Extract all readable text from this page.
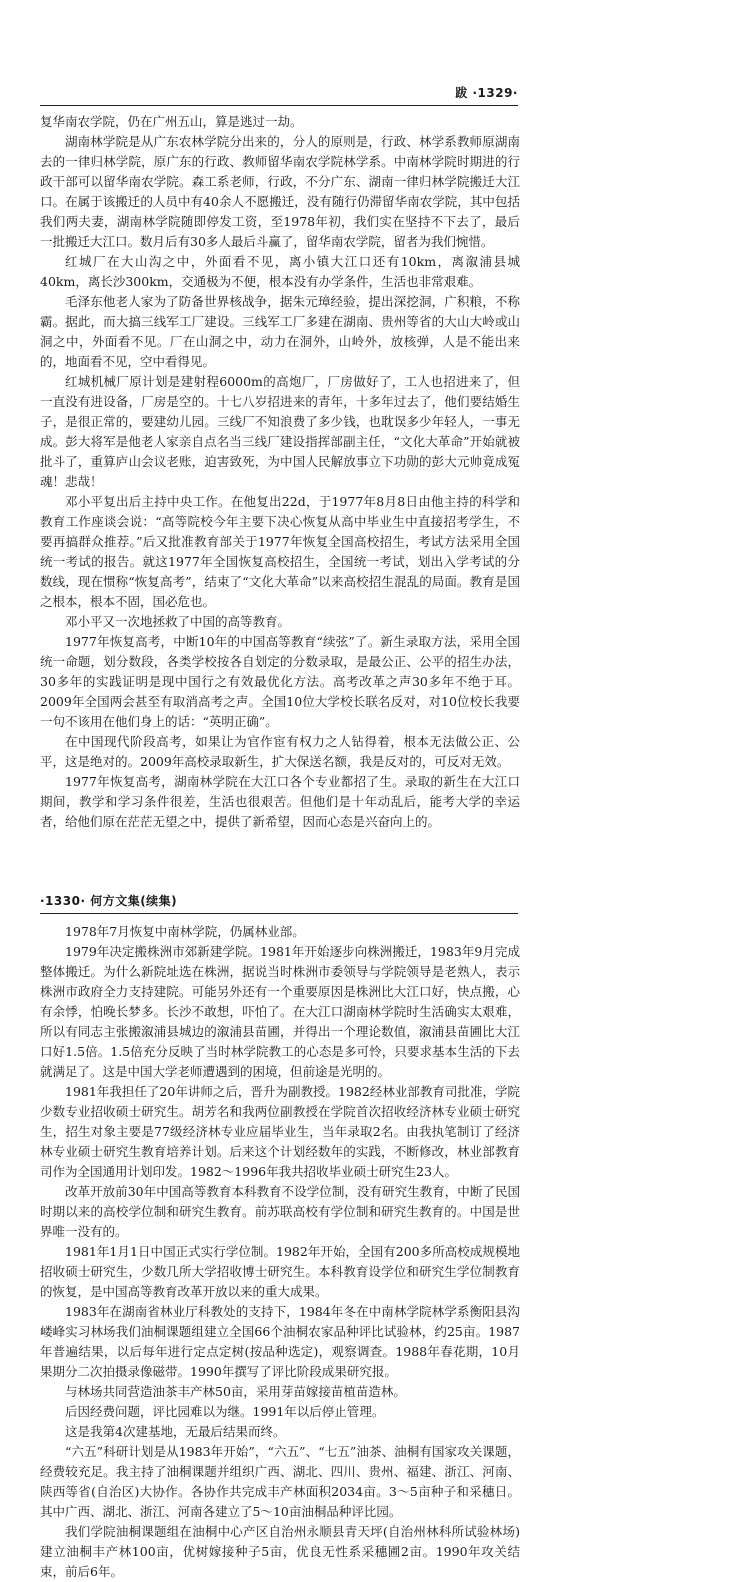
跋 ·1329·

复华南农学院，仍在广州五山，算是逃过一劫。

湖南林学院是从广东农林学院分出来的，分人的原则是，行政、林学系教师原湖南去的一律归林学院，原广东的行政、教师留华南农学院林学系。中南林学院时期进的行政干部可以留华南农学院。森工系老师，行政，不分广东、湖南一律归林学院搬迁大江口。在属于该搬迁的人员中有40余人不愿搬迁，没有随行仍滞留华南农学院，其中包括我们两夫妻，湖南林学院随即停发工资，至1978年初，我们实在坚持不下去了，最后一批搬迁大江口。数月后有30多人最后斗赢了，留华南农学院，留者为我们惋惜。

红城厂在大山沟之中，外面看不见，离小镇大江口还有10km，离溆浦县城40km，离长沙300km，交通极为不便，根本没有办学条件，生活也非常艰难。

毛泽东他老人家为了防备世界核战争，据朱元璋经验，提出深挖洞，广积粮，不称霸。据此，而大搞三线军工厂建设。三线军工厂多建在湖南、贵州等省的大山大岭或山洞之中，外面看不见。厂在山洞之中，动力在洞外，山岭外，放核弹，人是不能出来的，地面看不见，空中看得见。

红城机械厂原计划是建射程6000m的高炮厂，厂房做好了，工人也招进来了，但一直没有进设备，厂房是空的。十七八岁招进来的青年，十多年过去了，他们要结婚生子，是很正常的，要建幼儿园。三线厂不知浪费了多少钱，也耽误多少年轻人，一事无成。彭大将军是他老人家亲自点名当三线厂建设指挥部副主任，“文化大革命”开始就被批斗了，重算庐山会议老账，迫害致死，为中国人民解放事立下功勋的彭大元帅竟成冤魂！悲哉！

邓小平复出后主持中央工作。在他复出22d，于1977年8月8日由他主持的科学和教育工作座谈会说：“高等院校今年主要下决心恢复从高中毕业生中直接招考学生，不要再搞群众推荐。”后又批准教育部关于1977年恢复全国高校招生，考试方法采用全国统一考试的报告。就这1977年全国恢复高校招生，全国统一考试，划出入学考试的分数线，现在惯称“恢复高考”，结束了“文化大革命”以来高校招生混乱的局面。教育是国之根本，根本不固，国必危也。

邓小平又一次地拯救了中国的高等教育。

1977年恢复高考，中断10年的中国高等教育“续弦”了。新生录取方法，采用全国统一命题，划分数段，各类学校按各自划定的分数录取，是最公正、公平的招生办法，30多年的实践证明是现中国行之有效最优化方法。高考改革之声30多年不绝于耳。2009年全国两会甚至有取消高考之声。全国10位大学校长联名反对，对10位校长我要一句不该用在他们身上的话：“英明正确”。

在中国现代阶段高考，如果让为官作宦有权力之人钻得着，根本无法做公正、公平，这是绝对的。2009年高校录取新生，扩大保送名额，我是反对的，可反对无效。

1977年恢复高考，湖南林学院在大江口各个专业都招了生。录取的新生在大江口期间，教学和学习条件很差，生活也很艰苦。但他们是十年动乱后，能考大学的幸运者，给他们原在茫茫无望之中，提供了新希望，因而心态是兴奋向上的。

·1330· 何方文集(续集)

1978年7月恢复中南林学院，仍属林业部。

1979年决定搬株洲市郊新建学院。1981年开始逐步向株洲搬迁，1983年9月完成整体搬迁。为什么新院址选在株洲，据说当时株洲市委领导与学院领导是老熟人，表示株洲市政府全力支持建院。可能另外还有一个重要原因是株洲比大江口好，快点搬，心有余悸，怕晚长梦多。长沙不敢想，吓怕了。在大江口湖南林学院时生活确实太艰难，所以有同志主张搬溆浦县城边的溆浦县苗圃，并得出一个理论数值，溆浦县苗圃比大江口好1.5倍。1.5倍充分反映了当时林学院教工的心态是多可怜，只要求基本生活的下去就满足了。这是中国大学老师遭遇到的困境，但前途是光明的。

1981年我担任了20年讲师之后，晋升为副教授。1982经林业部教育司批准，学院少数专业招收硕士研究生。胡芳名和我两位副教授在学院首次招收经济林专业硕士研究生，招生对象主要是77级经济林专业应届毕业生，当年录取2名。由我执笔制订了经济林专业硕士研究生教育培养计划。后来这个计划经数年的实践，不断修改，林业部教育司作为全国通用计划印发。1982～1996年我共招收毕业硕士研究生23人。

改革开放前30年中国高等教育本科教育不设学位制，没有研究生教育，中断了民国时期以来的高校学位制和研究生教育。前苏联高校有学位制和研究生教育的。中国是世界唯一没有的。

1981年1月1日中国正式实行学位制。1982年开始，全国有200多所高校成规模地招收硕士研究生，少数几所大学招收博士研究生。本科教育设学位和研究生学位制教育的恢复，是中国高等教育改革开放以来的重大成果。

1983年在湖南省林业厅科教处的支持下，1984年冬在中南林学院林学系衡阳县沟嵝峰实习林场我们油桐课题组建立全国66个油桐农家品种评比试验林，约25亩。1987年普遍结果，以后每年进行定点定树(按品种选定)，观察调查。1988年春花期，10月果期分二次拍摄录像磁带。1990年撰写了评比阶段成果研究报。

与林场共同营造油茶丰产林50亩，采用芽苗嫁接苗植苗造林。

后因经费问题，评比园难以为继。1991年以后停止管理。

这是我第4次建基地，无最后结果而终。

“六五”科研计划是从1983年开始”，“六五”、“七五”油茶、油桐有国家攻关课题，经费较充足。我主持了油桐课题并组织广西、湖北、四川、贵州、福建、浙江、河南、陕西等省(自治区)大协作。各协作共完成丰产林面积2034亩。3～5亩种子和采穗日。其中广西、湖北、浙江、河南各建立了5～10亩油桐品种评比园。

我们学院油桐课题组在油桐中心产区自治州永顺县青天坪(自治州林科所试验林场)建立油桐丰产林100亩，优树嫁接种子5亩，优良无性系采穗圃2亩。1990年攻关结束，前后6年。
